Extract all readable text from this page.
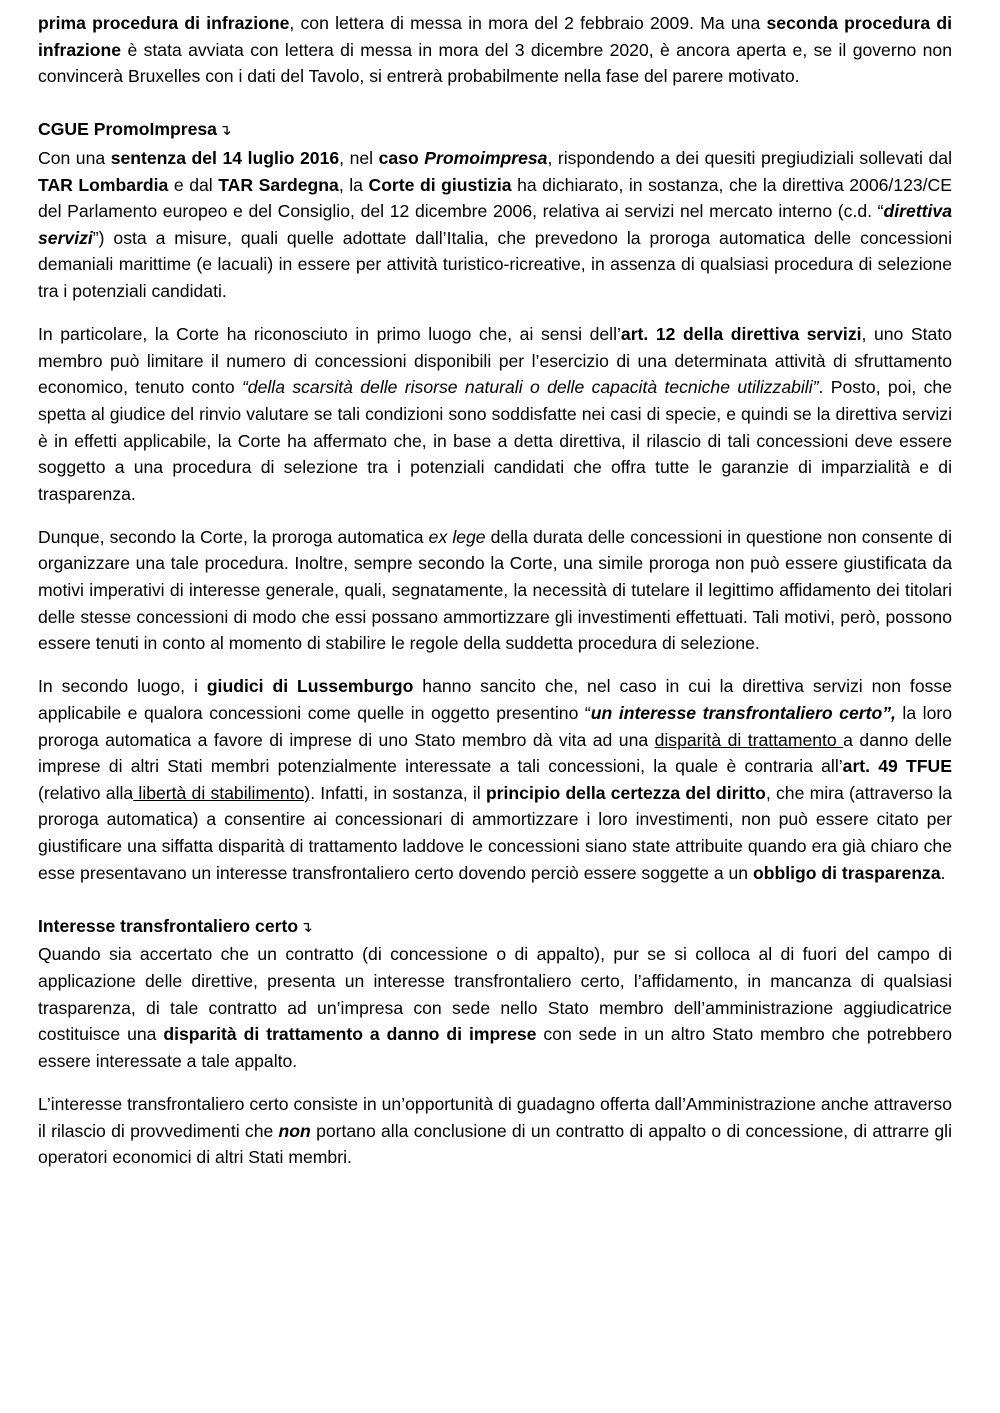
prima procedura di infrazione, con lettera di messa in mora del 2 febbraio 2009. Ma una seconda procedura di infrazione è stata avviata con lettera di messa in mora del 3 dicembre 2020, è ancora aperta e, se il governo non convincerà Bruxelles con i dati del Tavolo, si entrerà probabilmente nella fase del parere motivato.

CGUE PromoImpresa ↴

Con una sentenza del 14 luglio 2016, nel caso Promoimpresa, rispondendo a dei quesiti pregiudiziali sollevati dal TAR Lombardia e dal TAR Sardegna, la Corte di giustizia ha dichiarato, in sostanza, che la direttiva 2006/123/CE del Parlamento europeo e del Consiglio, del 12 dicembre 2006, relativa ai servizi nel mercato interno (c.d. “direttiva servizi”) osta a misure, quali quelle adottate dall’Italia, che prevedono la proroga automatica delle concessioni demaniali marittime (e lacuali) in essere per attività turistico-ricreative, in assenza di qualsiasi procedura di selezione tra i potenziali candidati.

In particolare, la Corte ha riconosciuto in primo luogo che, ai sensi dell’art. 12 della direttiva servizi, uno Stato membro può limitare il numero di concessioni disponibili per l’esercizio di una determinata attività di sfruttamento economico, tenuto conto “della scarsità delle risorse naturali o delle capacità tecniche utilizzabili”. Posto, poi, che spetta al giudice del rinvio valutare se tali condizioni sono soddisfatte nei casi di specie, e quindi se la direttiva servizi è in effetti applicabile, la Corte ha affermato che, in base a detta direttiva, il rilascio di tali concessioni deve essere soggetto a una procedura di selezione tra i potenziali candidati che offra tutte le garanzie di imparzialità e di trasparenza.

Dunque, secondo la Corte, la proroga automatica ex lege della durata delle concessioni in questione non consente di organizzare una tale procedura. Inoltre, sempre secondo la Corte, una simile proroga non può essere giustificata da motivi imperativi di interesse generale, quali, segnatamente, la necessità di tutelare il legittimo affidamento dei titolari delle stesse concessioni di modo che essi possano ammortizzare gli investimenti effettuati. Tali motivi, però, possono essere tenuti in conto al momento di stabilire le regole della suddetta procedura di selezione.

In secondo luogo, i giudici di Lussemburgo hanno sancito che, nel caso in cui la direttiva servizi non fosse applicabile e qualora concessioni come quelle in oggetto presentino “un interesse transfrontaliero certo”, la loro proroga automatica a favore di imprese di uno Stato membro dà vita ad una disparità di trattamento a danno delle imprese di altri Stati membri potenzialmente interessate a tali concessioni, la quale è contraria all’art. 49 TFUE (relativo alla libertà di stabilimento). Infatti, in sostanza, il principio della certezza del diritto, che mira (attraverso la proroga automatica) a consentire ai concessionari di ammortizzare i loro investimenti, non può essere citato per giustificare una siffatta disparità di trattamento laddove le concessioni siano state attribuite quando era già chiaro che esse presentavano un interesse transfrontaliero certo dovendo perciò essere soggette a un obbligo di trasparenza.

Interesse transfrontaliero certo ↴

Quando sia accertato che un contratto (di concessione o di appalto), pur se si colloca al di fuori del campo di applicazione delle direttive, presenta un interesse transfrontaliero certo, l’affidamento, in mancanza di qualsiasi trasparenza, di tale contratto ad un’impresa con sede nello Stato membro dell’amministrazione aggiudicatrice costituisce una disparità di trattamento a danno di imprese con sede in un altro Stato membro che potrebbero essere interessate a tale appalto.

L’interesse transfrontaliero certo consiste in un’opportunità di guadagno offerta dall’Amministrazione anche attraverso il rilascio di provvedimenti che non portano alla conclusione di un contratto di appalto o di concessione, di attrarre gli operatori economici di altri Stati membri.
